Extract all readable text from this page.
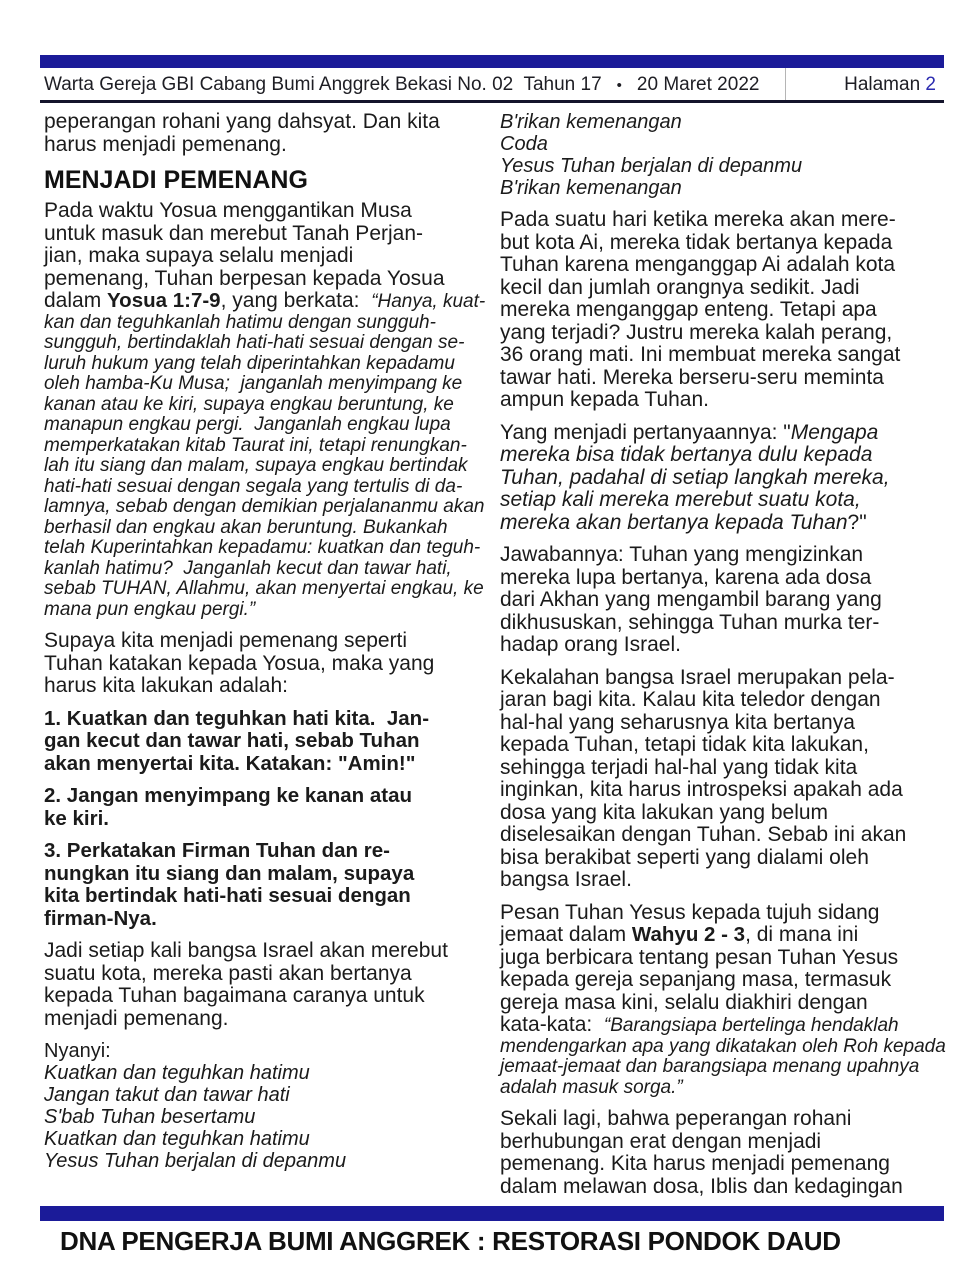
Warta Gereja GBI Cabang Bumi Anggrek Bekasi No. 02  Tahun 17 • 20 Maret 2022	Halaman 2

peperangan rohani yang dahsyat. Dan kita
harus menjadi pemenang.
MENJADI PEMENANG
Pada waktu Yosua menggantikan Musa
untuk masuk dan merebut Tanah Perjan-
jian, maka supaya selalu menjadi
pemenang, Tuhan berpesan kepada Yosua
dalam Yosua 1:7-9, yang berkata:  “Hanya, kuat-
kan dan teguhkanlah hatimu dengan sungguh-
sungguh, bertindaklah hati-hati sesuai dengan se-
luruh hukum yang telah diperintahkan kepadamu
oleh hamba-Ku Musa;  janganlah menyimpang ke
kanan atau ke kiri, supaya engkau beruntung, ke
manapun engkau pergi.  Janganlah engkau lupa
memperkatakan kitab Taurat ini, tetapi renungkan-
lah itu siang dan malam, supaya engkau bertindak
hati-hati sesuai dengan segala yang tertulis di da-
lamnya, sebab dengan demikian perjalananmu akan
berhasil dan engkau akan beruntung. Bukankah
telah Kuperintahkan kepadamu: kuatkan dan teguh-
kanlah hatimu?  Janganlah kecut dan tawar hati,
sebab TUHAN, Allahmu, akan menyertai engkau, ke
mana pun engkau pergi.”
Supaya kita menjadi pemenang seperti
Tuhan katakan kepada Yosua, maka yang
harus kita lakukan adalah:
1. Kuatkan dan teguhkan hati kita.  Jan-
gan kecut dan tawar hati, sebab Tuhan
akan menyertai kita. Katakan: "Amin!"
2. Jangan menyimpang ke kanan atau
ke kiri.
3. Perkatakan Firman Tuhan dan re-
nungkan itu siang dan malam, supaya
kita bertindak hati-hati sesuai dengan
firman-Nya.
Jadi setiap kali bangsa Israel akan merebut
suatu kota, mereka pasti akan bertanya
kepada Tuhan bagaimana caranya untuk
menjadi pemenang.
Nyanyi:
Kuatkan dan teguhkan hatimu
Jangan takut dan tawar hati
S'bab Tuhan besertamu
Kuatkan dan teguhkan hatimu
Yesus Tuhan berjalan di depanmu
B'rikan kemenangan
Coda
Yesus Tuhan berjalan di depanmu
B'rikan kemenangan
Pada suatu hari ketika mereka akan mere-
but kota Ai, mereka tidak bertanya kepada
Tuhan karena menganggap Ai adalah kota
kecil dan jumlah orangnya sedikit. Jadi
mereka menganggap enteng. Tetapi apa
yang terjadi? Justru mereka kalah perang,
36 orang mati. Ini membuat mereka sangat
tawar hati. Mereka berseru-seru meminta
ampun kepada Tuhan.
Yang menjadi pertanyaannya: "Mengapa
mereka bisa tidak bertanya dulu kepada
Tuhan, padahal di setiap langkah mereka,
setiap kali mereka merebut suatu kota,
mereka akan bertanya kepada Tuhan?"
Jawabannya: Tuhan yang mengizinkan
mereka lupa bertanya, karena ada dosa
dari Akhan yang mengambil barang yang
dikhususkan, sehingga Tuhan murka ter-
hadap orang Israel.
Kekalahan bangsa Israel merupakan pela-
jaran bagi kita. Kalau kita teledor dengan
hal-hal yang seharusnya kita bertanya
kepada Tuhan, tetapi tidak kita lakukan,
sehingga terjadi hal-hal yang tidak kita
inginkan, kita harus introspeksi apakah ada
dosa yang kita lakukan yang belum
diselesaikan dengan Tuhan. Sebab ini akan
bisa berakibat seperti yang dialami oleh
bangsa Israel.
Pesan Tuhan Yesus kepada tujuh sidang
jemaat dalam Wahyu 2 - 3, di mana ini
juga berbicara tentang pesan Tuhan Yesus
kepada gereja sepanjang masa, termasuk
gereja masa kini, selalu diakhiri dengan
kata-kata:  “Barangsiapa bertelinga hendaklah
mendengarkan apa yang dikatakan oleh Roh kepada
jemaat-jemaat dan barangsiapa menang upahnya
adalah masuk sorga.”
Sekali lagi, bahwa peperangan rohani
berhubungan erat dengan menjadi
pemenang. Kita harus menjadi pemenang
dalam melawan dosa, Iblis dan kedagingan
DNA PENGERJA BUMI ANGGREK : RESTORASI PONDOK DAUD
